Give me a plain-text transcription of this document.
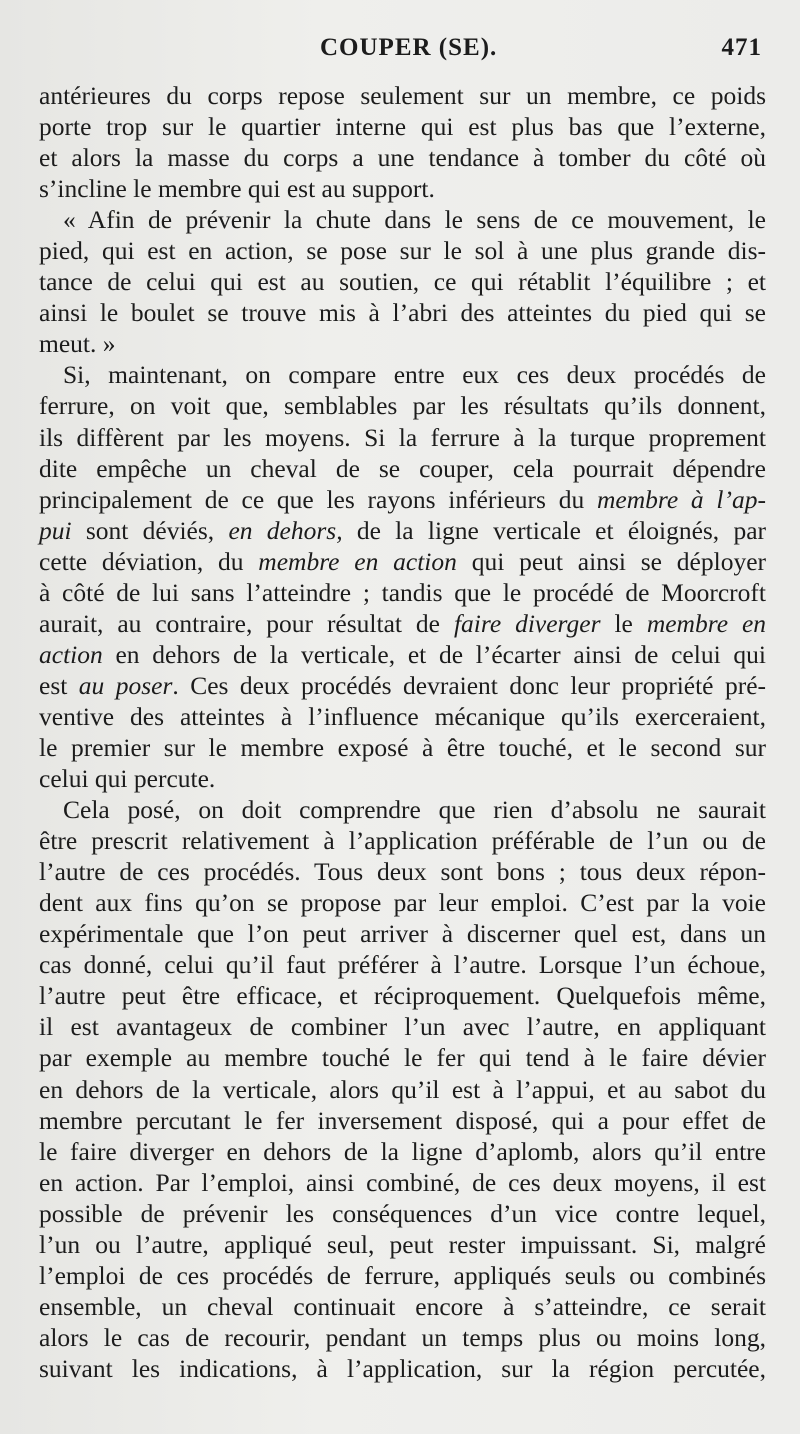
COUPER (SE).	471
antérieures du corps repose seulement sur un membre, ce poids
porte trop sur le quartier interne qui est plus bas que l’externe,
et alors la masse du corps a une tendance à tomber du côté où
s’incline le membre qui est au support.
« Afin de prévenir la chute dans le sens de ce mouvement, le
pied, qui est en action, se pose sur le sol à une plus grande dis-
tance de celui qui est au soutien, ce qui rétablit l’équilibre ; et
ainsi le boulet se trouve mis à l’abri des atteintes du pied qui se
meut. »
Si, maintenant, on compare entre eux ces deux procédés de
ferrure, on voit que, semblables par les résultats qu’ils donnent,
ils diffèrent par les moyens. Si la ferrure à la turque proprement
dite empêche un cheval de se couper, cela pourrait dépendre
principalement de ce que les rayons inférieurs du membre à l’ap-
pui sont déviés, en dehors, de la ligne verticale et éloignés, par
cette déviation, du membre en action qui peut ainsi se déployer
à côté de lui sans l’atteindre ; tandis que le procédé de Moorcroft
aurait, au contraire, pour résultat de faire diverger le membre en
action en dehors de la verticale, et de l’écarter ainsi de celui qui
est au poser. Ces deux procédés devraient donc leur propriété pré-
ventive des atteintes à l’influence mécanique qu’ils exerceraient,
le premier sur le membre exposé à être touché, et le second sur
celui qui percute.
Cela posé, on doit comprendre que rien d’absolu ne saurait
être prescrit relativement à l’application préférable de l’un ou de
l’autre de ces procédés. Tous deux sont bons ; tous deux répon-
dent aux fins qu’on se propose par leur emploi. C’est par la voie
expérimentale que l’on peut arriver à discerner quel est, dans un
cas donné, celui qu’il faut préférer à l’autre. Lorsque l’un échoue,
l’autre peut être efficace, et réciproquement. Quelquefois même,
il est avantageux de combiner l’un avec l’autre, en appliquant
par exemple au membre touché le fer qui tend à le faire dévier
en dehors de la verticale, alors qu’il est à l’appui, et au sabot du
membre percutant le fer inversement disposé, qui a pour effet de
le faire diverger en dehors de la ligne d’aplomb, alors qu’il entre
en action. Par l’emploi, ainsi combiné, de ces deux moyens, il est
possible de prévenir les conséquences d’un vice contre lequel,
l’un ou l’autre, appliqué seul, peut rester impuissant. Si, malgré
l’emploi de ces procédés de ferrure, appliqués seuls ou combinés
ensemble, un cheval continuait encore à s’atteindre, ce serait
alors le cas de recourir, pendant un temps plus ou moins long,
suivant les indications, à l’application, sur la région percutée,
